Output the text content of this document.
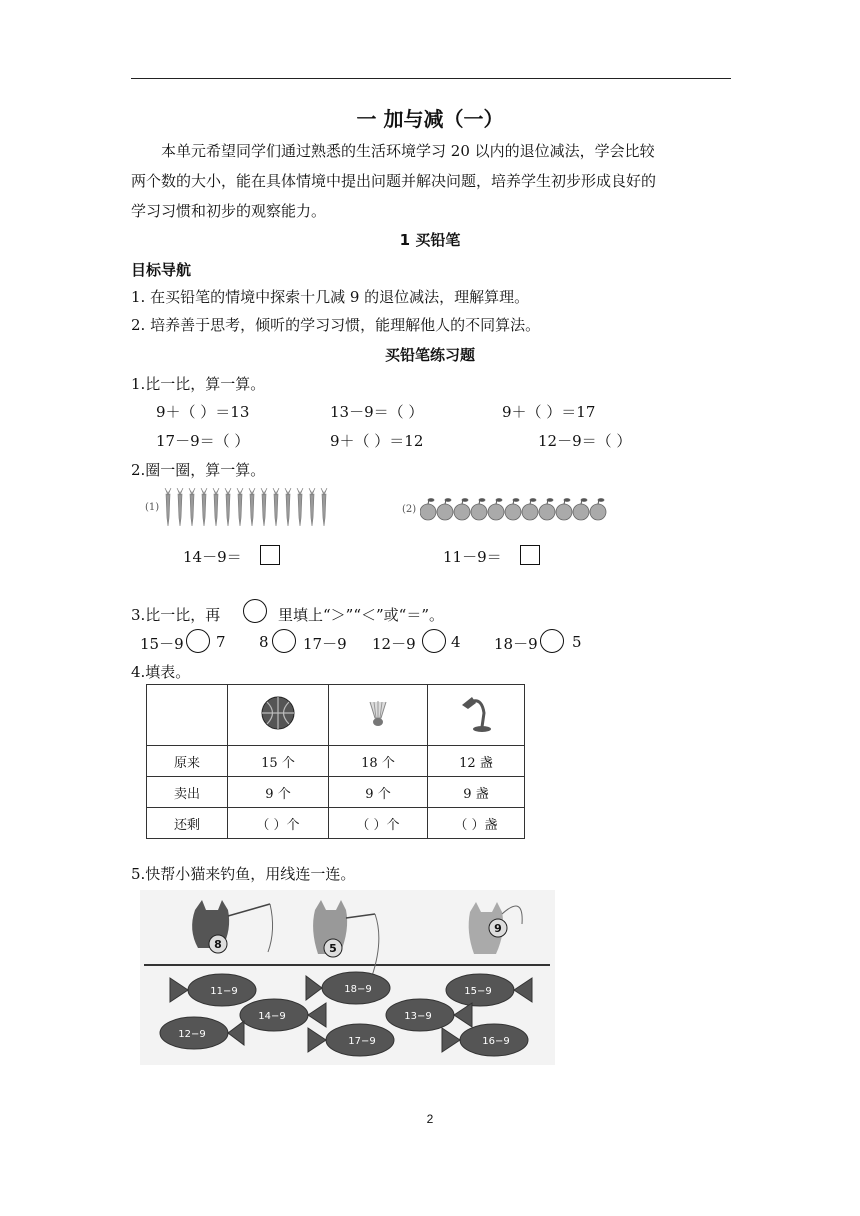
一 加与减（一）

本单元希望同学们通过熟悉的生活环境学习 20 以内的退位减法，学会比较

两个数的大小，能在具体情境中提出问题并解决问题，培养学生初步形成良好的

学习习惯和初步的观察能力。

1 买铅笔
目标导航
1. 在买铅笔的情境中探索十几减 9 的退位减法，理解算理。
2. 培养善于思考，倾听的学习习惯，能理解他人的不同算法。
买铅笔练习题
1.比一比，算一算。
9＋（ ）＝13	13－9＝（ ）	9＋（ ）＝17
17－9＝（ ）	9＋（ ）＝12	12－9＝（ ）
2.圈一圈，算一算。
(1)	(2)
14－9＝	11－9＝
3.比一比，再	里填上“＞”“＜”或“＝”。
15－9 7 8 17－9 12－9 4 18－9 5
4.填表。

原来	15 个	18 个	12 盏
卖出	9 个	9 个	9 盏
还剩	（ ）个	（ ）个	（ ）盏
5.快帮小猫来钓鱼，用线连一连。
8	5
9
11−9	18−9	15−9
14−9	13−9
12−9
17−9	16−9
2
